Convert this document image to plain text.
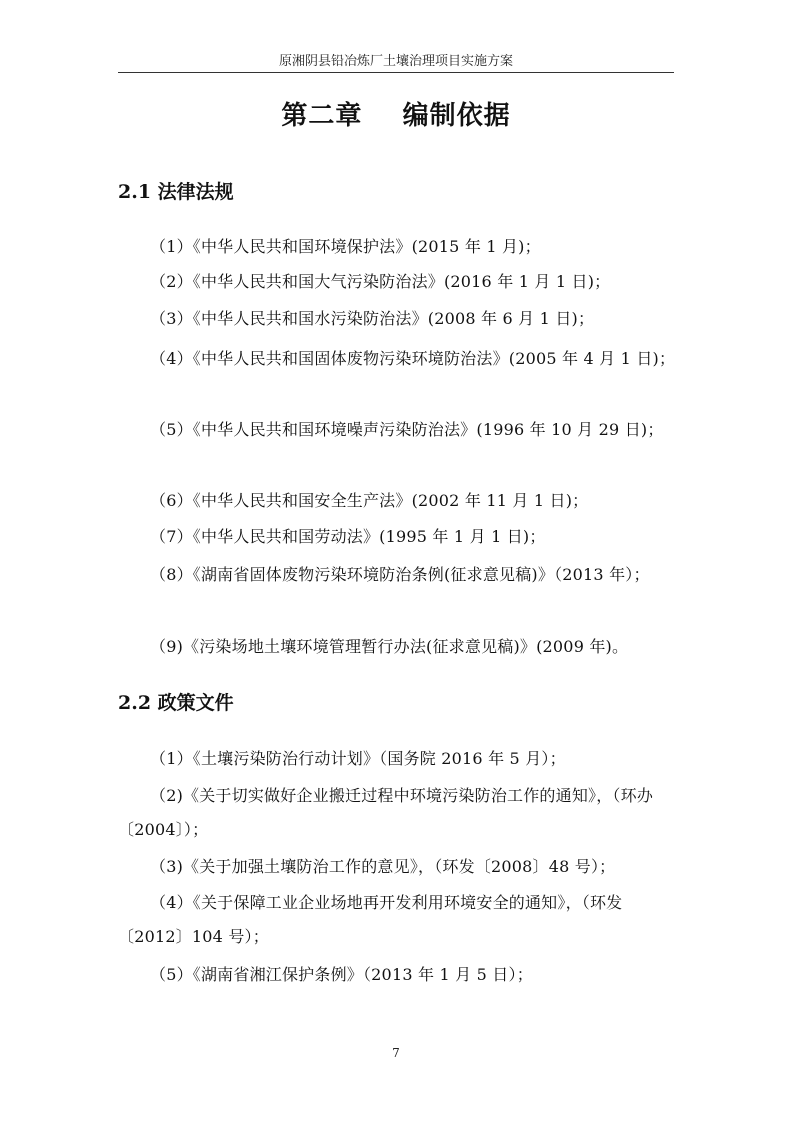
原湘阴县铅冶炼厂土壤治理项目实施方案
第二章    编制依据
2.1 法律法规

（1）《中华人民共和国环境保护法》(2015 年 1 月)；

（2）《中华人民共和国大气污染防治法》(2016 年 1 月 1 日)；

（3）《中华人民共和国水污染防治法》(2008 年 6 月 1 日)；

（4）《中华人民共和国固体废物污染环境防治法》(2005 年 4 月 1 日)；

（5）《中华人民共和国环境噪声污染防治法》(1996 年 10 月 29 日)；

（6）《中华人民共和国安全生产法》(2002 年 11 月 1 日)；

（7）《中华人民共和国劳动法》(1995 年 1 月 1 日)；

（8）《湖南省固体废物污染环境防治条例(征求意见稿)》（2013 年）；

（9)《污染场地土壤环境管理暂行办法(征求意见稿)》(2009 年)。

2.2 政策文件

（1）《土壤污染防治行动计划》（国务院 2016 年 5 月）；

（2)《关于切实做好企业搬迁过程中环境污染防治工作的通知》，（环办〔2004〕）；

（3)《关于加强土壤防治工作的意见》，（环发〔2008〕48 号）；

（4）《关于保障工业企业场地再开发利用环境安全的通知》，（环发〔2012〕104 号）；

（5）《湖南省湘江保护条例》（2013 年 1 月 5 日）；

7
